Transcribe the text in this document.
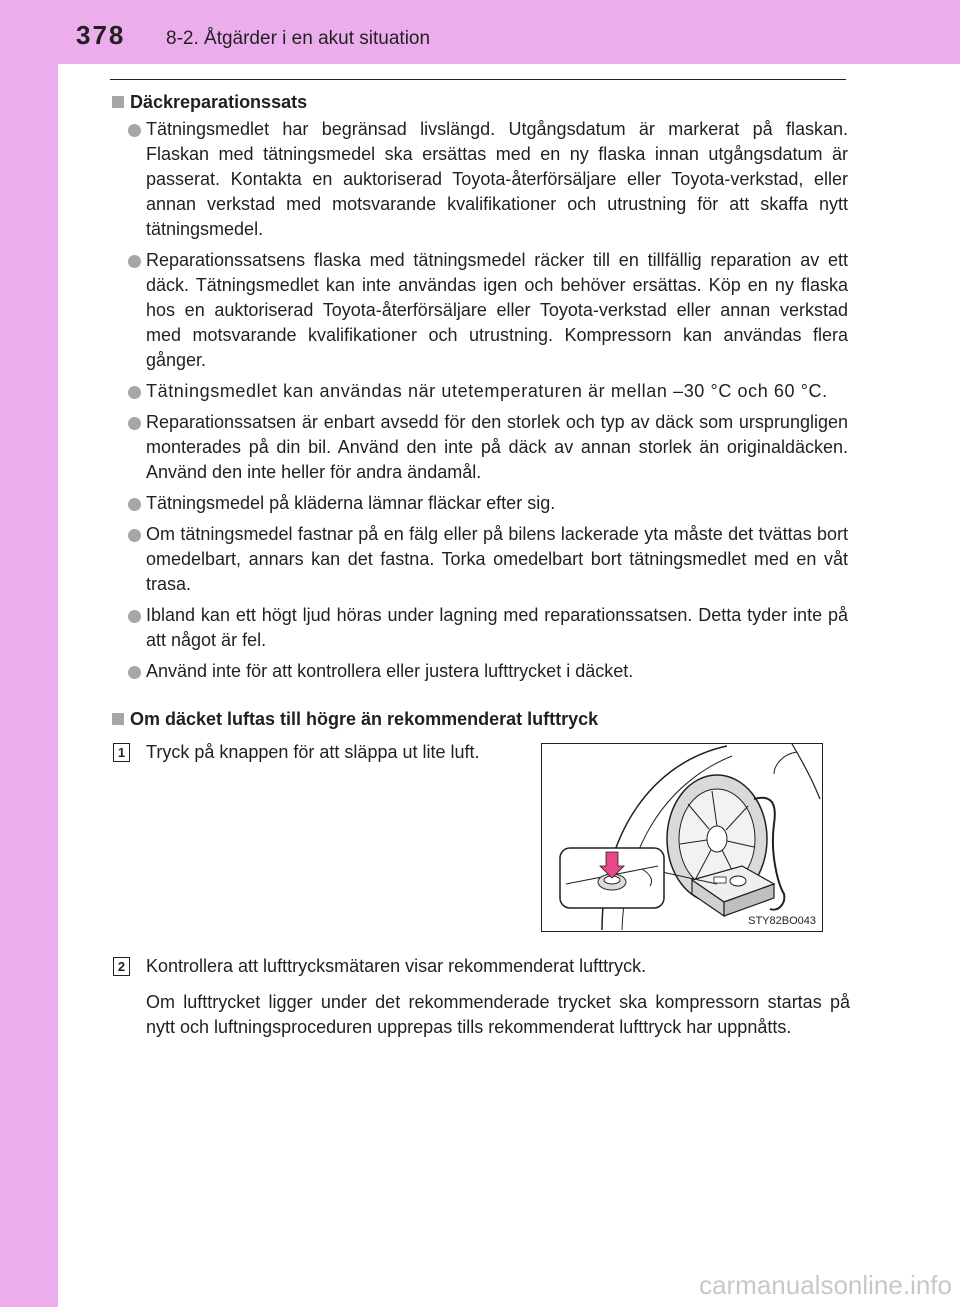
378 8-2. Åtgärder i en akut situation
Däckreparationssats
Tätningsmedlet har begränsad livslängd. Utgångsdatum är markerat på flaskan. Flaskan med tätningsmedel ska ersättas med en ny flaska innan utgångsdatum är passerat. Kontakta en auktoriserad Toyota-återförsäljare eller Toyota-verkstad, eller annan verkstad med motsvarande kvalifikationer och utrustning för att skaffa nytt tätningsmedel.
Reparationssatsens flaska med tätningsmedel räcker till en tillfällig reparation av ett däck. Tätningsmedlet kan inte användas igen och behöver ersättas. Köp en ny flaska hos en auktoriserad Toyota-återförsäljare eller Toyota-verkstad eller annan verkstad med motsvarande kvalifikationer och utrustning. Kompressorn kan användas flera gånger.
Tätningsmedlet kan användas när utetemperaturen är mellan –30 °C och 60 °C.
Reparationssatsen är enbart avsedd för den storlek och typ av däck som ursprungligen monterades på din bil. Använd den inte på däck av annan storlek än originaldäcken. Använd den inte heller för andra ändamål.
Tätningsmedel på kläderna lämnar fläckar efter sig.
Om tätningsmedel fastnar på en fälg eller på bilens lackerade yta måste det tvättas bort omedelbart, annars kan det fastna. Torka omedelbart bort tätningsmedlet med en våt trasa.
Ibland kan ett högt ljud höras under lagning med reparationssatsen. Detta tyder inte på att något är fel.
Använd inte för att kontrollera eller justera lufttrycket i däcket.
Om däcket luftas till högre än rekommenderat lufttryck
1 Tryck på knappen för att släppa ut lite luft.
STY82BO043
2 Kontrollera att lufttrycksmätaren visar rekommenderat lufttryck.
Om lufttrycket ligger under det rekommenderade trycket ska kompressorn startas på nytt och luftningsproceduren upprepas tills rekommenderat lufttryck har uppnåtts.
carmanualsonline.info
